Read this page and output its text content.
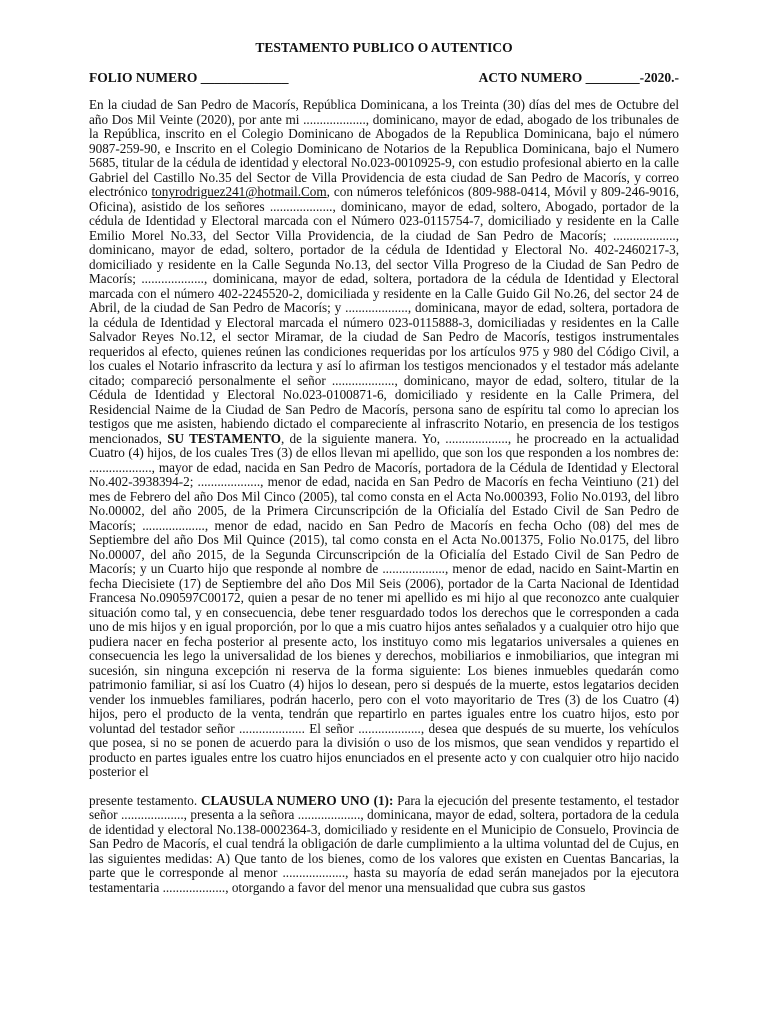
TESTAMENTO PUBLICO O AUTENTICO
FOLIO NUMERO _____________	ACTO NUMERO ________-2020.-

En la ciudad de San Pedro de Macorís, República Dominicana, a los Treinta (30) días del mes de Octubre del año Dos Mil Veinte (2020), por ante mi ..................., dominicano, mayor de edad, abogado de los tribunales de la República, inscrito en el Colegio Dominicano de Abogados de la Republica Dominicana, bajo el número 9087-259-90, e Inscrito en el Colegio Dominicano de Notarios de la Republica Dominicana, bajo el Numero 5685, titular de la cédula de identidad y electoral No.023-0010925-9, con estudio profesional abierto en la calle Gabriel del Castillo No.35 del Sector de Villa Providencia de esta ciudad de San Pedro de Macorís, y correo electrónico tonyrodriguez241@hotmail.Com, con números telefónicos (809-988-0414, Móvil y 809-246-9016, Oficina), asistido de los señores ..................., dominicano, mayor de edad, soltero, Abogado, portador de la cédula de Identidad y Electoral marcada con el Número 023-0115754-7, domiciliado y residente en la Calle Emilio Morel No.33, del Sector Villa Providencia, de la ciudad de San Pedro de Macorís; ..................., dominicano, mayor de edad, soltero, portador de la cédula de Identidad y Electoral No. 402-2460217-3, domiciliado y residente en la Calle Segunda No.13, del sector Villa Progreso de la Ciudad de San Pedro de Macorís; ..................., dominicana, mayor de edad, soltera, portadora de la cédula de Identidad y Electoral marcada con el número 402-2245520-2, domiciliada y residente en la Calle Guido Gil No.26, del sector 24 de Abril, de la ciudad de San Pedro de Macorís; y ..................., dominicana, mayor de edad, soltera, portadora de la cédula de Identidad y Electoral marcada el número 023-0115888-3, domiciliadas y residentes en la Calle Salvador Reyes No.12, el sector Miramar, de la ciudad de San Pedro de Macorís, testigos instrumentales requeridos al efecto, quienes reúnen las condiciones requeridas por los artículos 975 y 980 del Código Civil, a los cuales el Notario infrascrito da lectura y así lo afirman los testigos mencionados y el testador más adelante citado; compareció personalmente el señor ..................., dominicano, mayor de edad, soltero, titular de la Cédula de Identidad y Electoral No.023-0100871-6, domiciliado y residente en la Calle Primera, del Residencial Naime de la Ciudad de San Pedro de Macorís, persona sano de espíritu tal como lo aprecian los testigos que me asisten, habiendo dictado el compareciente al infrascrito Notario, en presencia de los testigos mencionados, SU TESTAMENTO, de la siguiente manera. Yo, ..................., he procreado en la actualidad Cuatro (4) hijos, de los cuales Tres (3) de ellos llevan mi apellido, que son los que responden a los nombres de: ..................., mayor de edad, nacida en San Pedro de Macorís, portadora de la Cédula de Identidad y Electoral No.402-3938394-2; ..................., menor de edad, nacida en San Pedro de Macorís en fecha Veintiuno (21) del mes de Febrero del año Dos Mil Cinco (2005), tal como consta en el Acta No.000393, Folio No.0193, del libro No.00002, del año 2005, de la Primera Circunscripción de la Oficialía del Estado Civil de San Pedro de Macorís; ..................., menor de edad, nacido en San Pedro de Macorís en fecha Ocho (08) del mes de Septiembre del año Dos Mil Quince (2015), tal como consta en el Acta No.001375, Folio No.0175, del libro No.00007, del año 2015, de la Segunda Circunscripción de la Oficialía del Estado Civil de San Pedro de Macorís; y un Cuarto hijo que responde al nombre de ..................., menor de edad, nacido en Saint-Martin en fecha Diecisiete (17) de Septiembre del año Dos Mil Seis (2006), portador de la Carta Nacional de Identidad Francesa No.090597C00172, quien a pesar de no tener mi apellido es mi hijo al que reconozco ante cualquier situación como tal, y en consecuencia, debe tener resguardado todos los derechos que le corresponden a cada uno de mis hijos y en igual proporción, por lo que a mis cuatro hijos antes señalados y a cualquier otro hijo que pudiera nacer en fecha posterior al presente acto, los instituyo como mis legatarios universales a quienes en consecuencia les lego la universalidad de los bienes y derechos, mobiliarios e inmobiliarios, que integran mi sucesión, sin ninguna excepción ni reserva de la forma siguiente: Los bienes inmuebles quedarán como patrimonio familiar, si así los Cuatro (4) hijos lo desean, pero si después de la muerte, estos legatarios deciden vender los inmuebles familiares, podrán hacerlo, pero con el voto mayoritario de Tres (3) de los Cuatro (4) hijos, pero el producto de la venta, tendrán que repartirlo en partes iguales entre los cuatro hijos, esto por voluntad del testador señor .................... El señor ..................., desea que después de su muerte, los vehículos que posea, si no se ponen de acuerdo para la división o uso de los mismos, que sean vendidos y repartido el producto en partes iguales entre los cuatro hijos enunciados en el presente acto y con cualquier otro hijo nacido posterior el

presente testamento. CLAUSULA NUMERO UNO (1): Para la ejecución del presente testamento, el testador señor ..................., presenta a la señora ..................., dominicana, mayor de edad, soltera, portadora de la cedula de identidad y electoral No.138-0002364-3, domiciliado y residente en el Municipio de Consuelo, Provincia de San Pedro de Macorís, el cual tendrá la obligación de darle cumplimiento a la ultima voluntad del de Cujus, en las siguientes medidas: A) Que tanto de los bienes, como de los valores que existen en Cuentas Bancarias, la parte que le corresponde al menor ..................., hasta su mayoría de edad serán manejados por la ejecutora testamentaria ..................., otorgando a favor del menor una mensualidad que cubra sus gastos
